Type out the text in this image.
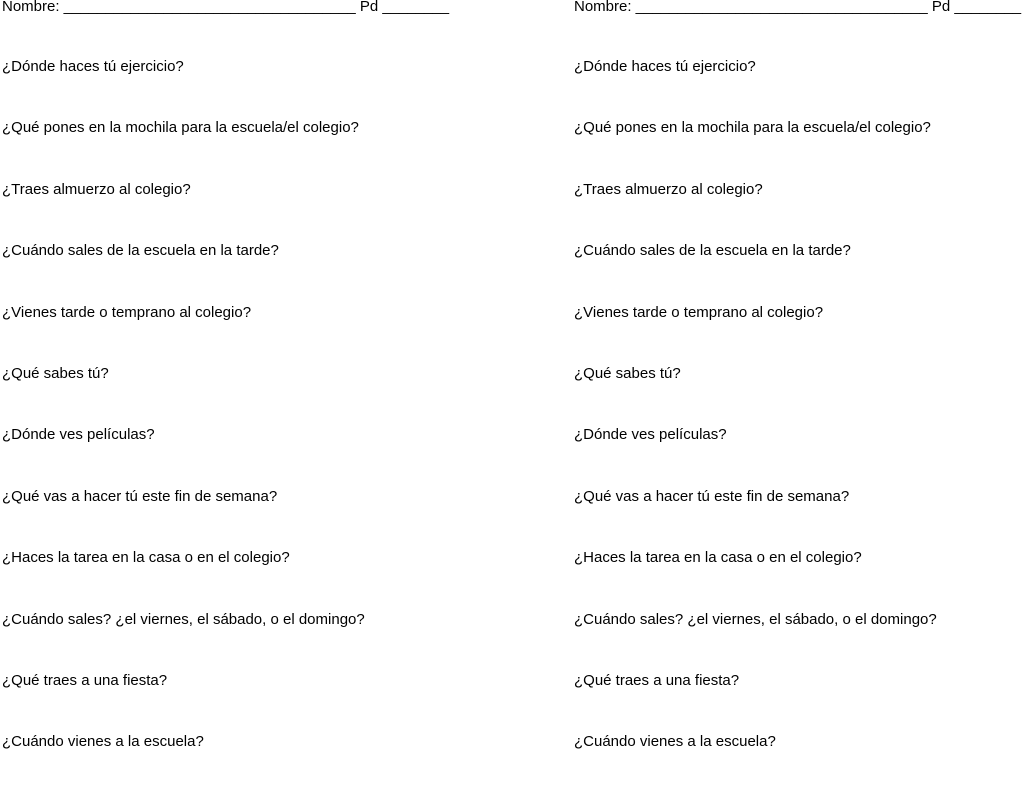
Nombre: ___________________________________ Pd ________
¿Dónde haces tú ejercicio?
¿Qué pones en la mochila para la escuela/el colegio?
¿Traes almuerzo al colegio?
¿Cuándo sales de la escuela en la tarde?
¿Vienes tarde o temprano al colegio?
¿Qué sabes tú?
¿Dónde ves películas?
¿Qué vas a hacer tú este fin de semana?
¿Haces la tarea en la casa o en el colegio?
¿Cuándo sales? ¿el viernes, el sábado, o el domingo?
¿Qué traes a una fiesta?
¿Cuándo vienes a la escuela?
Nombre: ___________________________________ Pd ________
¿Dónde haces tú ejercicio?
¿Qué pones en la mochila para la escuela/el colegio?
¿Traes almuerzo al colegio?
¿Cuándo sales de la escuela en la tarde?
¿Vienes tarde o temprano al colegio?
¿Qué sabes tú?
¿Dónde ves películas?
¿Qué vas a hacer tú este fin de semana?
¿Haces la tarea en la casa o en el colegio?
¿Cuándo sales? ¿el viernes, el sábado, o el domingo?
¿Qué traes a una fiesta?
¿Cuándo vienes a la escuela?
